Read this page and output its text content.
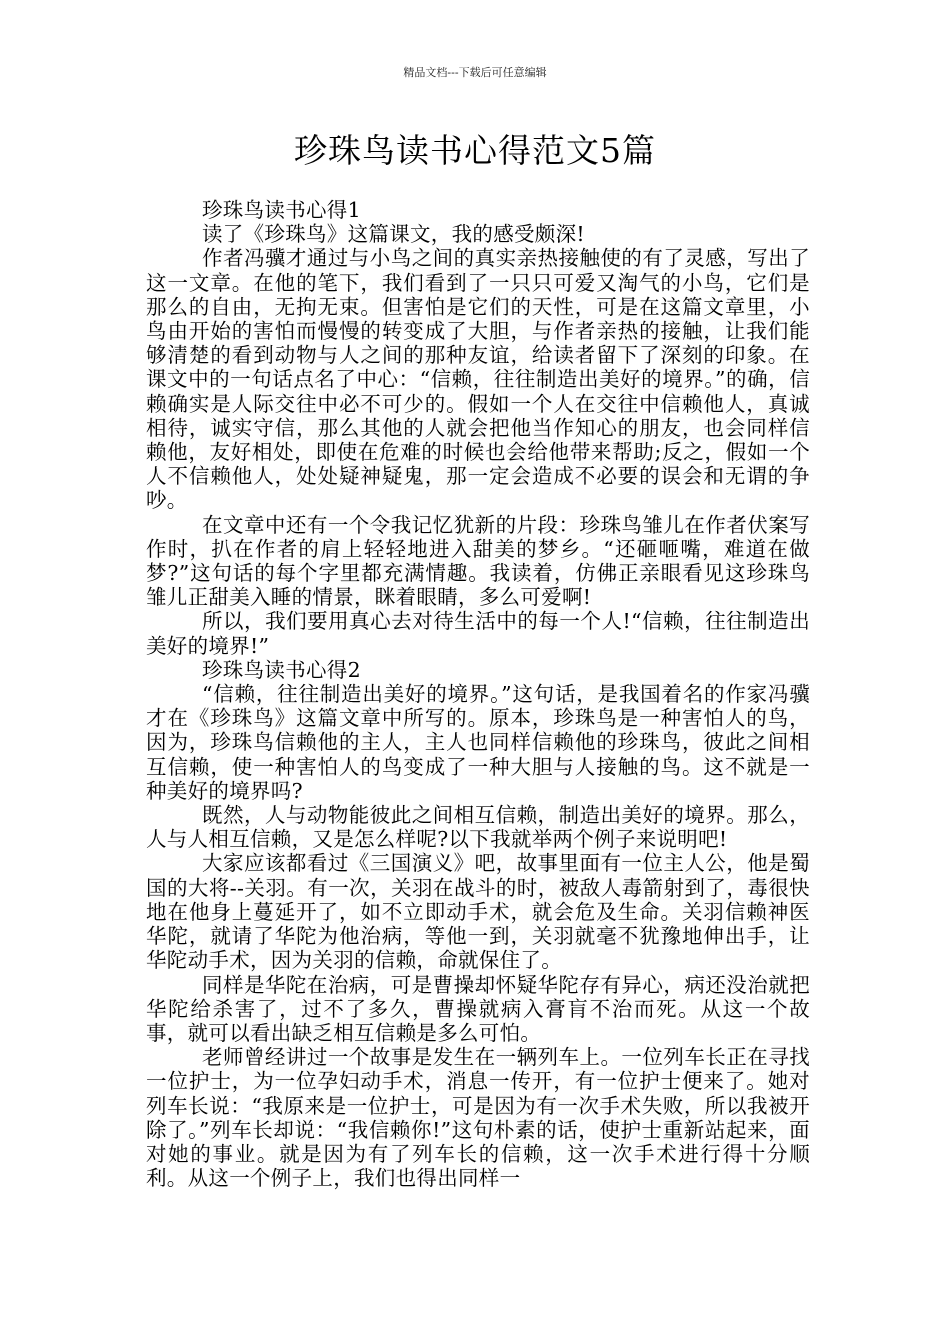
精品文档---下载后可任意编辑
珍珠鸟读书心得范文5篇

珍珠鸟读书心得1

读了《珍珠鸟》这篇课文，我的感受颇深!

作者冯骥才通过与小鸟之间的真实亲热接触使的有了灵感，写出了这一文章。在他的笔下，我们看到了一只只可爱又淘气的小鸟，它们是那么的自由，无拘无束。但害怕是它们的天性，可是在这篇文章里，小鸟由开始的害怕而慢慢的转变成了大胆，与作者亲热的接触，让我们能够清楚的看到动物与人之间的那种友谊，给读者留下了深刻的印象。在课文中的一句话点名了中心：“信赖，往往制造出美好的境界。”的确，信赖确实是人际交往中必不可少的。假如一个人在交往中信赖他人，真诚相待，诚实守信，那么其他的人就会把他当作知心的朋友，也会同样信赖他，友好相处，即使在危难的时候也会给他带来帮助;反之，假如一个人不信赖他人，处处疑神疑鬼，那一定会造成不必要的误会和无谓的争吵。

在文章中还有一个令我记忆犹新的片段：珍珠鸟雏儿在作者伏案写作时，扒在作者的肩上轻轻地进入甜美的梦乡。“还砸咂嘴，难道在做梦?”这句话的每个字里都充满情趣。我读着，仿佛正亲眼看见这珍珠鸟雏儿正甜美入睡的情景，眯着眼睛，多么可爱啊!

所以，我们要用真心去对待生活中的每一个人!“信赖，往往制造出美好的境界!”

珍珠鸟读书心得2

“信赖，往往制造出美好的境界。”这句话，是我国着名的作家冯骥才在《珍珠鸟》这篇文章中所写的。原本，珍珠鸟是一种害怕人的鸟，因为，珍珠鸟信赖他的主人，主人也同样信赖他的珍珠鸟，彼此之间相互信赖，使一种害怕人的鸟变成了一种大胆与人接触的鸟。这不就是一种美好的境界吗?

既然，人与动物能彼此之间相互信赖，制造出美好的境界。那么，人与人相互信赖，又是怎么样呢?以下我就举两个例子来说明吧!

大家应该都看过《三国演义》吧，故事里面有一位主人公，他是蜀国的大将--关羽。有一次，关羽在战斗的时，被敌人毒箭射到了，毒很快地在他身上蔓延开了，如不立即动手术，就会危及生命。关羽信赖神医华陀，就请了华陀为他治病，等他一到，关羽就毫不犹豫地伸出手，让华陀动手术，因为关羽的信赖，命就保住了。

同样是华陀在治病，可是曹操却怀疑华陀存有异心，病还没治就把华陀给杀害了，过不了多久，曹操就病入膏肓不治而死。从这一个故事，就可以看出缺乏相互信赖是多么可怕。

老师曾经讲过一个故事是发生在一辆列车上。一位列车长正在寻找一位护士，为一位孕妇动手术，消息一传开，有一位护士便来了。她对列车长说：“我原来是一位护士，可是因为有一次手术失败，所以我被开除了。”列车长却说：“我信赖你!”这句朴素的话，使护士重新站起来，面对她的事业。就是因为有了列车长的信赖，这一次手术进行得十分顺利。从这一个例子上，我们也得出同样一
